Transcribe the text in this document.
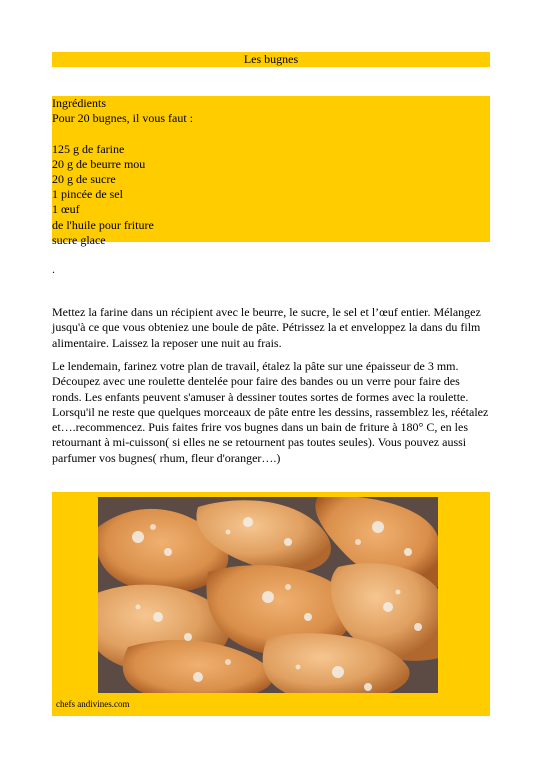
Les bugnes
Ingrédients
Pour 20 bugnes, il vous faut :
125 g de farine
20 g de beurre mou
20 g de sucre
1 pincée de sel
1 œuf
de l'huile pour friture
sucre glace
.
Mettez la farine dans un récipient avec le beurre, le sucre, le sel et l’œuf entier. Mélangez jusqu'à ce que vous obteniez une boule de pâte. Pétrissez la et enveloppez la dans du film alimentaire. Laissez la reposer une nuit au frais.
Le lendemain, farinez votre plan de travail, étalez la pâte sur une épaisseur de 3 mm. Découpez avec une roulette dentelée pour faire des bandes ou un verre pour faire des ronds. Les enfants peuvent s'amuser à dessiner toutes sortes de formes avec la roulette. Lorsqu'il ne reste que quelques morceaux de pâte entre les dessins, rassemblez les, réétalez et….recommencez. Puis faites frire vos bugnes dans un bain de friture à 180° C, en les retournant à mi-cuisson( si elles ne se retournent pas toutes seules). Vous pouvez aussi parfumer vos bugnes( rhum, fleur d'oranger….)
chefs andivines.com
